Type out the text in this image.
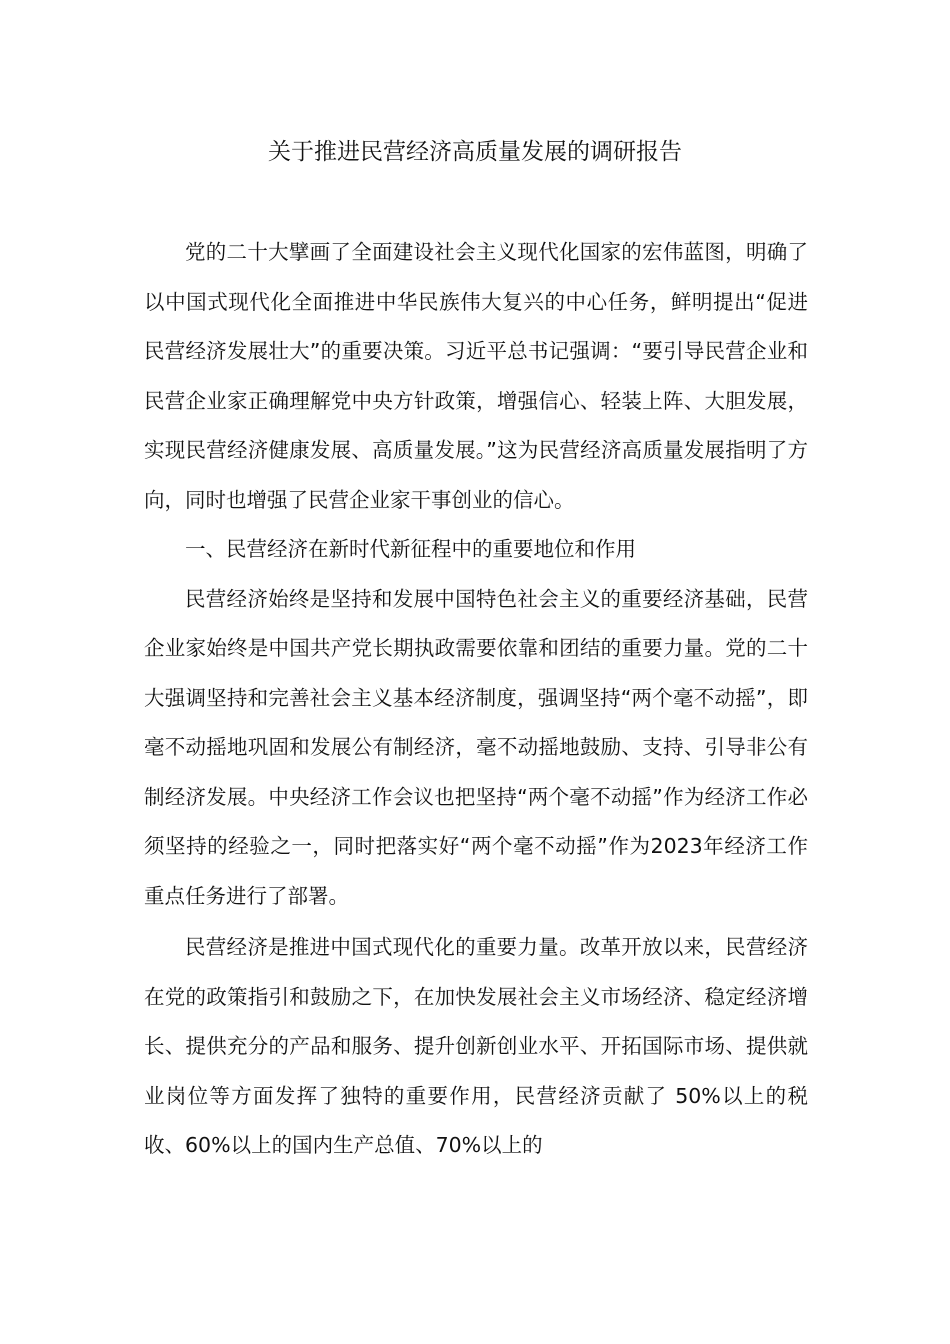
关于推进民营经济高质量发展的调研报告

党的二十大擘画了全面建设社会主义现代化国家的宏伟蓝图，明确了以中国式现代化全面推进中华民族伟大复兴的中心任务，鲜明提出“促进民营经济发展壮大”的重要决策。习近平总书记强调：“要引导民营企业和民营企业家正确理解党中央方针政策，增强信心、轻装上阵、大胆发展，实现民营经济健康发展、高质量发展。”这为民营经济高质量发展指明了方向，同时也增强了民营企业家干事创业的信心。

一、民营经济在新时代新征程中的重要地位和作用

民营经济始终是坚持和发展中国特色社会主义的重要经济基础，民营企业家始终是中国共产党长期执政需要依靠和团结的重要力量。党的二十大强调坚持和完善社会主义基本经济制度，强调坚持“两个毫不动摇”，即毫不动摇地巩固和发展公有制经济，毫不动摇地鼓励、支持、引导非公有制经济发展。中央经济工作会议也把坚持“两个毫不动摇”作为经济工作必须坚持的经验之一，同时把落实好“两个毫不动摇”作为2023年经济工作重点任务进行了部署。

民营经济是推进中国式现代化的重要力量。改革开放以来，民营经济在党的政策指引和鼓励之下，在加快发展社会主义市场经济、稳定经济增长、提供充分的产品和服务、提升创新创业水平、开拓国际市场、提供就业岗位等方面发挥了独特的重要作用，民营经济贡献了 50%以上的税收、60%以上的国内生产总值、70%以上的
